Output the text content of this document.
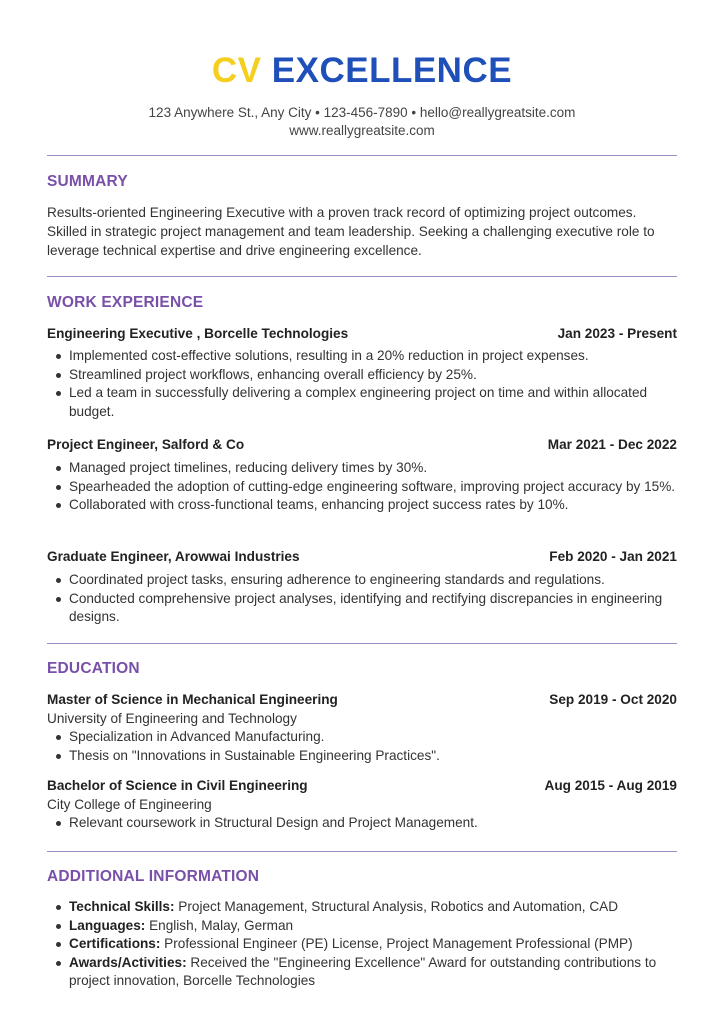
CV EXCELLENCE
123 Anywhere St., Any City • 123-456-7890 • hello@reallygreatsite.com
www.reallygreatsite.com
SUMMARY
Results-oriented Engineering Executive with a proven track record of optimizing project outcomes. Skilled in strategic project management and team leadership. Seeking a challenging executive role to leverage technical expertise and drive engineering excellence.
WORK EXPERIENCE
Engineering Executive , Borcelle Technologies	Jan 2023 - Present
Implemented cost-effective solutions, resulting in a 20% reduction in project expenses.
Streamlined project workflows, enhancing overall efficiency by 25%.
Led a team in successfully delivering a complex engineering project on time and within allocated budget.
Project Engineer, Salford & Co	Mar 2021 - Dec 2022
Managed project timelines, reducing delivery times by 30%.
Spearheaded the adoption of cutting-edge engineering software, improving project accuracy by 15%.
Collaborated with cross-functional teams, enhancing project success rates by 10%.
Graduate Engineer, Arowwai Industries	Feb 2020 - Jan 2021
Coordinated project tasks, ensuring adherence to engineering standards and regulations.
Conducted comprehensive project analyses, identifying and rectifying discrepancies in engineering designs.
EDUCATION
Master of Science in Mechanical Engineering	Sep 2019 - Oct 2020
University of Engineering and Technology
Specialization in Advanced Manufacturing.
Thesis on "Innovations in Sustainable Engineering Practices".
Bachelor of Science in Civil Engineering	Aug 2015 - Aug 2019
City College of Engineering
Relevant coursework in Structural Design and Project Management.
ADDITIONAL INFORMATION
Technical Skills: Project Management, Structural Analysis, Robotics and Automation, CAD
Languages: English, Malay, German
Certifications: Professional Engineer (PE) License, Project Management Professional (PMP)
Awards/Activities: Received the "Engineering Excellence" Award for outstanding contributions to project innovation, Borcelle Technologies
